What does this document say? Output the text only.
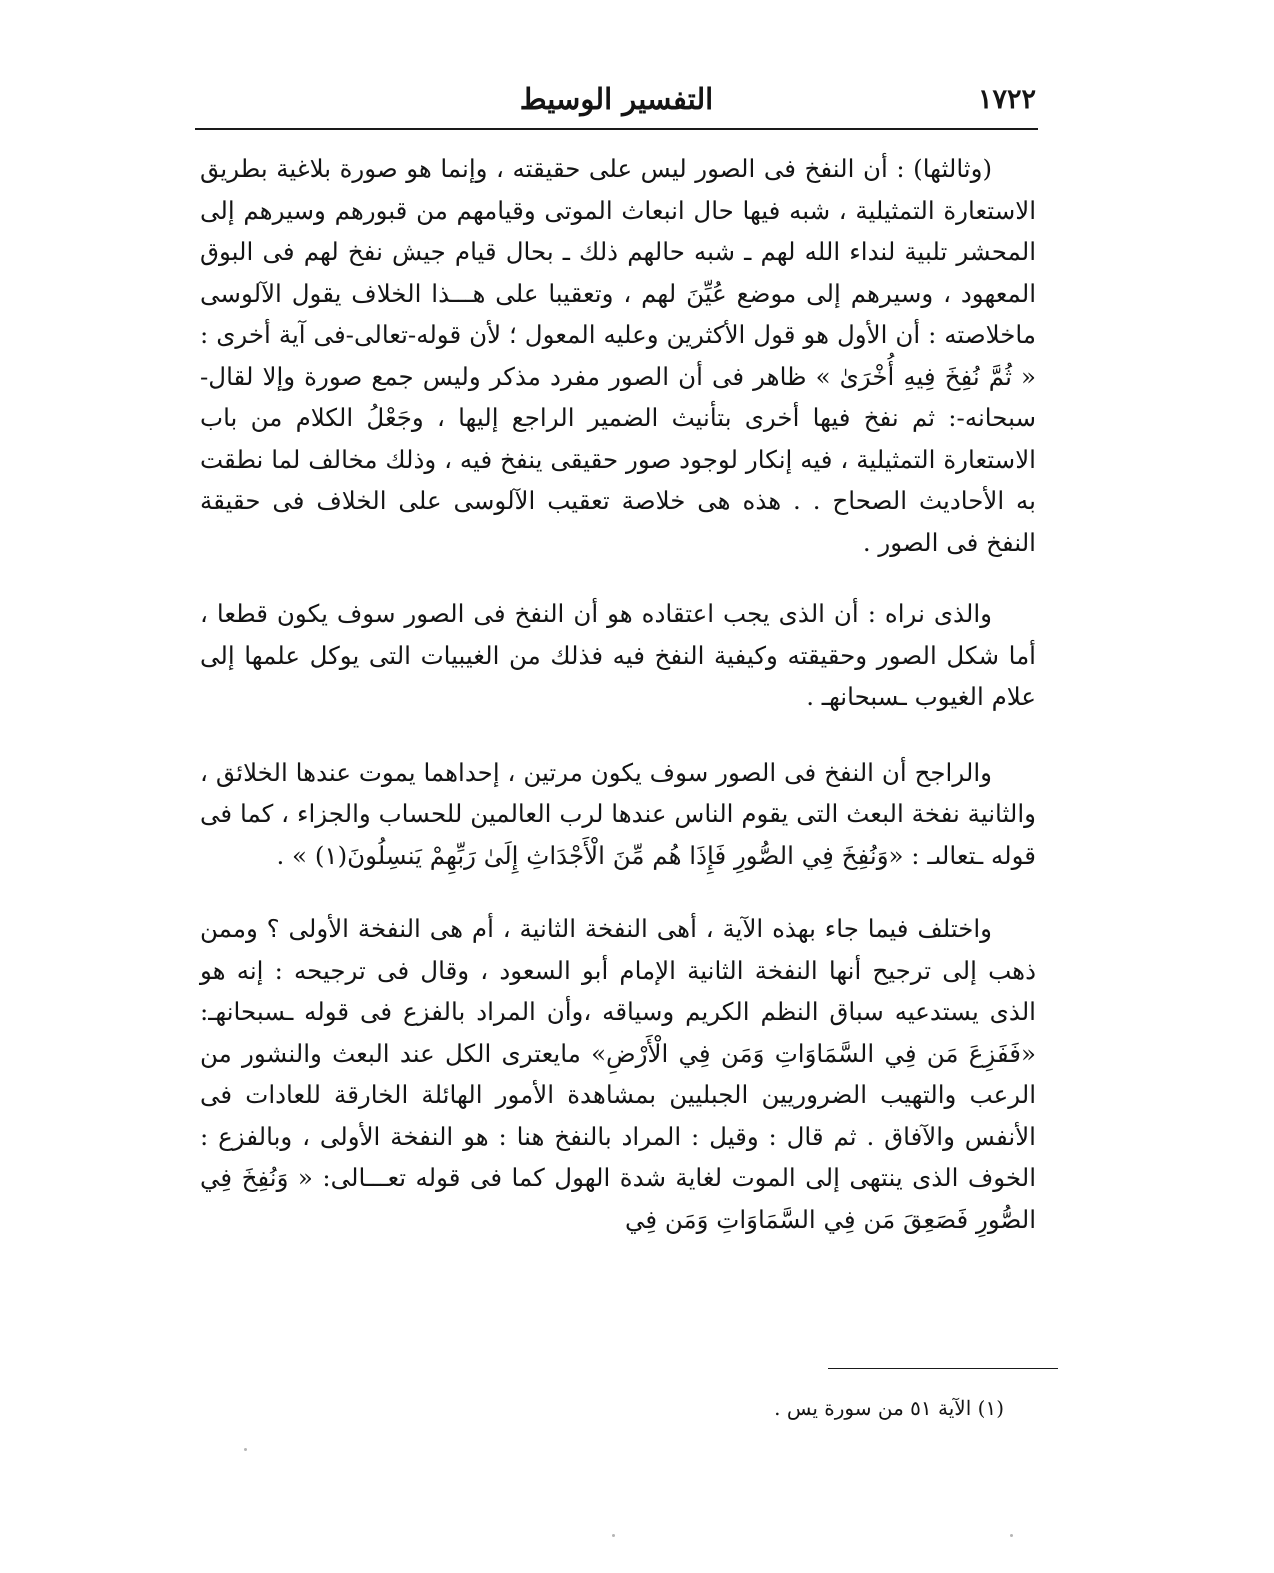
١٧٢٢
التفسير الوسيط

(وثالثها) : أن النفخ فى الصور ليس على حقيقته ، وإنما هو صورة بلاغية بطريق الاستعارة التمثيلية ، شبه فيها حال انبعاث الموتى وقيامهم من قبورهم وسيرهم إلى المحشر تلبية لنداء الله لهم ـ شبه حالهم ذلك ـ بحال قيام جيش نفخ لهم فى البوق المعهود ، وسيرهم إلى موضع عُيِّنَ لهم ، وتعقيبا على هـــذا الخلاف يقول الآلوسى ماخلاصته : أن الأول هو قول الأكثرين وعليه المعول ؛ لأن قوله-تعالى-فى آية أخرى : « ثُمَّ نُفِخَ فِيهِ أُخْرَىٰ » ظاهر فى أن الصور مفرد مذكر وليس جمع صورة وإلا لقال-سبحانه-: ثم نفخ فيها أخرى بتأنيث الضمير الراجع إليها ، وجَعْلُ الكلام من باب الاستعارة التمثيلية ، فيه إنكار لوجود صور حقيقى ينفخ فيه ، وذلك مخالف لما نطقت به الأحاديث الصحاح . . هذه هى خلاصة تعقيب الآلوسى على الخلاف فى حقيقة النفخ فى الصور .

والذى نراه : أن الذى يجب اعتقاده هو أن النفخ فى الصور سوف يكون قطعا ، أما شكل الصور وحقيقته وكيفية النفخ فيه فذلك من الغيبيات التى يوكل علمها إلى علام الغيوب ـسبحانهـ .

والراجح أن النفخ فى الصور سوف يكون مرتين ، إحداهما يموت عندها الخلائق ، والثانية نفخة البعث التى يقوم الناس عندها لرب العالمين للحساب والجزاء ، كما فى قوله ـتعالىـ : «وَنُفِخَ فِي الصُّورِ فَإِذَا هُم مِّنَ الْأَجْدَاثِ إِلَىٰ رَبِّهِمْ يَنسِلُونَ(١) » .

واختلف فيما جاء بهذه الآية ، أهى النفخة الثانية ، أم هى النفخة الأولى ؟ وممن ذهب إلى ترجيح أنها النفخة الثانية الإمام أبو السعود ، وقال فى ترجيحه : إنه هو الذى يستدعيه سباق النظم الكريم وسياقه ،وأن المراد بالفزع فى قوله ـسبحانهـ: «فَفَزِعَ مَن فِي السَّمَاوَاتِ وَمَن فِي الْأَرْضِ» مايعترى الكل عند البعث والنشور من الرعب والتهيب الضروريين الجبليين بمشاهدة الأمور الهائلة الخارقة للعادات فى الأنفس والآفاق . ثم قال : وقيل : المراد بالنفخ هنا : هو النفخة الأولى ، وبالفزع : الخوف الذى ينتهى إلى الموت لغاية شدة الهول كما فى قوله تعـــالى: « وَنُفِخَ فِي الصُّورِ فَصَعِقَ مَن فِي السَّمَاوَاتِ وَمَن فِي

(١) الآية ٥١ من سورة يس .
